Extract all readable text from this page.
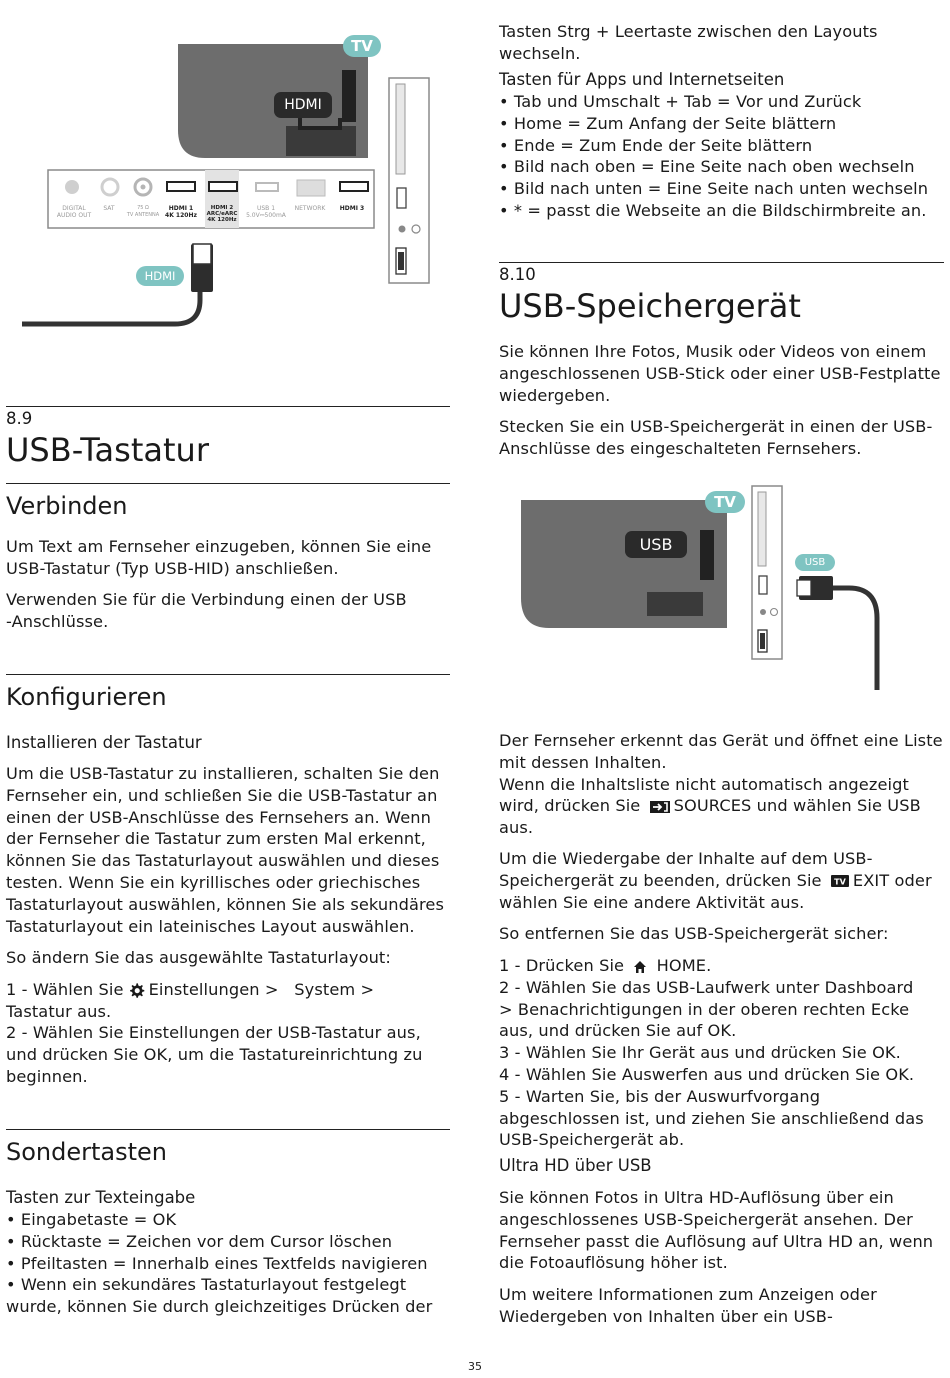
TV
HDMI
HDMI
DIGITAL
AUDIO OUT
SAT	75 Ω
TV ANTENNA
HDMI 1
4K 120Hz
HDMI 2
ARC/eARC 4K 120Hz
USB 1
5.0V⎓500mA
NETWORK	HDMI 3

8.9

USB-Tastatur
Verbinden

Um Text am Fernseher einzugeben, können Sie eine USB-Tastatur (Typ USB-HID) anschließen.

Verwenden Sie für die Verbindung einen der USB
-Anschlüsse.

Konfigurieren

Installieren der Tastatur

Um die USB-Tastatur zu installieren, schalten Sie den Fernseher ein, und schließen Sie die USB-Tastatur an einen der USB-Anschlüsse des Fernsehers an. Wenn der Fernseher die Tastatur zum ersten Mal erkennt, können Sie das Tastaturlayout auswählen und dieses testen. Wenn Sie ein kyrillisches oder griechisches Tastaturlayout auswählen, können Sie als sekundäres Tastaturlayout ein lateinisches Layout auswählen.

So ändern Sie das ausgewählte Tastaturlayout:

1 - Wählen Sie Einstellungen >   System >
Tastatur aus.

2 - Wählen Sie Einstellungen der USB-Tastatur aus, und drücken Sie OK, um die Tastatureinrichtung zu beginnen.

Sondertasten

Tasten zur Texteingabe

• Eingabetaste = OK
• Rücktaste = Zeichen vor dem Cursor löschen
• Pfeiltasten = Innerhalb eines Textfelds navigieren
• Wenn ein sekundäres Tastaturlayout festgelegt wurde, können Sie durch gleichzeitiges Drücken der

Tasten Strg + Leertaste zwischen den Layouts wechseln.

Tasten für Apps und Internetseiten

• Tab und Umschalt + Tab = Vor und Zurück
• Home = Zum Anfang der Seite blättern
• Ende = Zum Ende der Seite blättern
• Bild nach oben = Eine Seite nach oben wechseln
• Bild nach unten = Eine Seite nach unten wechseln
• * = passt die Webseite an die Bildschirmbreite an.

8.10

USB-Speichergerät

Sie können Ihre Fotos, Musik oder Videos von einem angeschlossenen USB-Stick oder einer USB-Festplatte wiedergeben.

Stecken Sie ein USB-Speichergerät in einen der USB-Anschlüsse des eingeschalteten Fernsehers.

TV
USB
USB

Der Fernseher erkennt das Gerät und öffnet eine Liste mit dessen Inhalten.
Wenn die Inhaltsliste nicht automatisch angezeigt wird, drücken Sie SOURCES und wählen Sie USB
aus.

Um die Wiedergabe der Inhalte auf dem USB-Speichergerät zu beenden, drücken Sie TV EXIT oder wählen Sie eine andere Aktivität aus.

So entfernen Sie das USB-Speichergerät sicher:

1 - Drücken Sie  HOME.
2 - Wählen Sie das USB-Laufwerk unter Dashboard
> Benachrichtigungen in der oberen rechten Ecke aus, und drücken Sie auf OK.
3 - Wählen Sie Ihr Gerät aus und drücken Sie OK.
4 - Wählen Sie Auswerfen aus und drücken Sie OK.
5 - Warten Sie, bis der Auswurfvorgang abgeschlossen ist, und ziehen Sie anschließend das USB-Speichergerät ab.

Ultra HD über USB

Sie können Fotos in Ultra HD-Auflösung über ein angeschlossenes USB-Speichergerät ansehen. Der Fernseher passt die Auflösung auf Ultra HD an, wenn die Fotoauflösung höher ist.

Um weitere Informationen zum Anzeigen oder Wiedergeben von Inhalten über ein USB-

35
